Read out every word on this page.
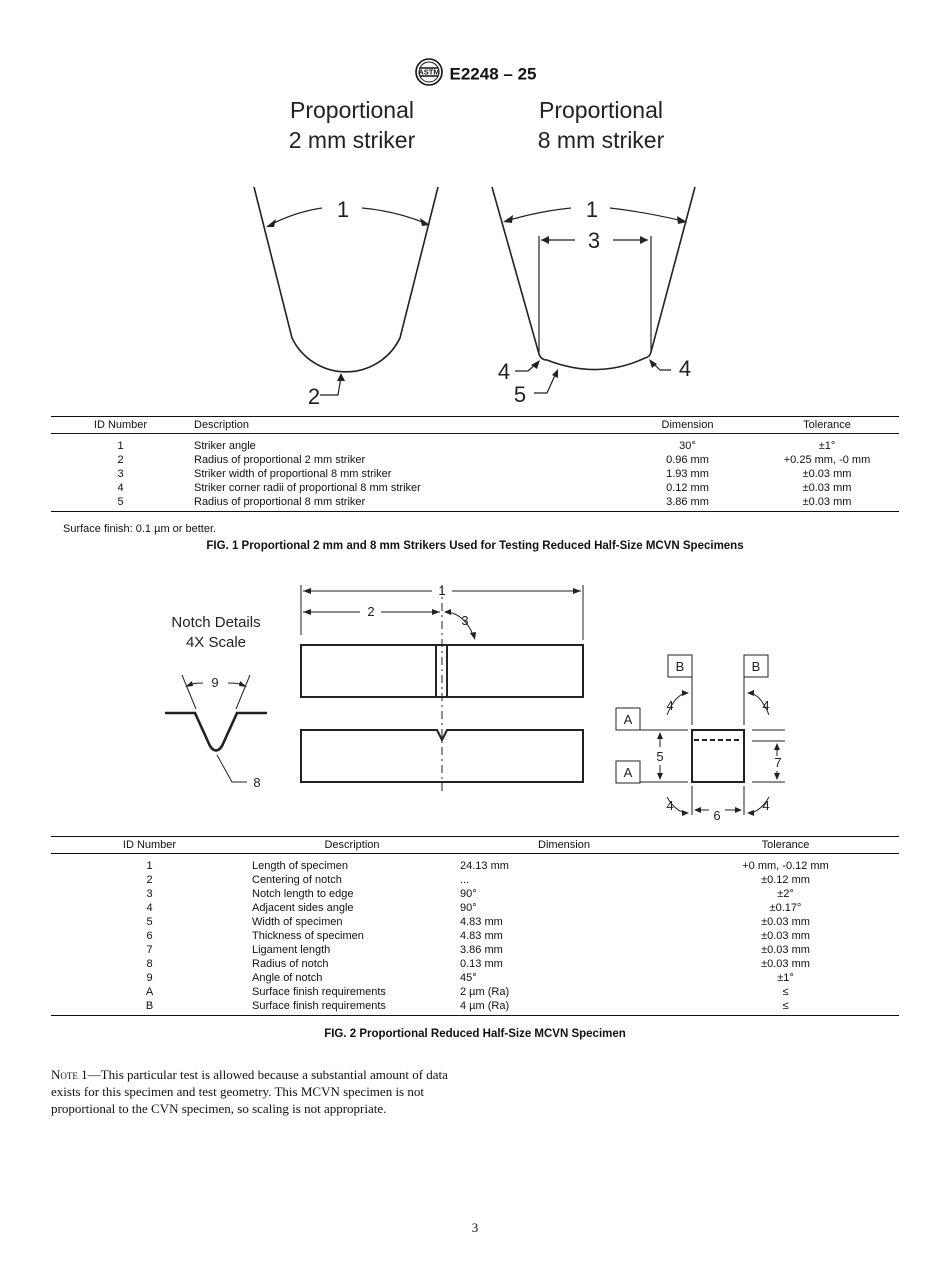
ASTM E2248 – 25
Proportional
2 mm striker
Proportional
8 mm striker
1
2
1
3
4	4
5
ID Number	Description	Dimension	Tolerance
1	Striker angle	30°	±1°
2	Radius of proportional 2 mm striker	0.96 mm	+0.25 mm, -0 mm
3	Striker width of proportional 8 mm striker	1.93 mm	±0.03 mm
4	Striker corner radii of proportional 8 mm striker	0.12 mm	±0.03 mm
5	Radius of proportional 8 mm striker	3.86 mm	±0.03 mm
Surface finish: 0.1 µm or better.
FIG. 1 Proportional 2 mm and 8 mm Strikers Used for Testing Reduced Half-Size MCVN Specimens
Notch Details
4X Scale
9
8
1
2
3
B	B
A
A
4	4
4	4
5	7
6
ID Number	Description	Dimension	Tolerance
1	Length of specimen	24.13 mm	+0 mm, -0.12 mm
2	Centering of notch	...	±0.12 mm
3	Notch length to edge	90°	±2°
4	Adjacent sides angle	90°	±0.17°
5	Width of specimen	4.83 mm	±0.03 mm
6	Thickness of specimen	4.83 mm	±0.03 mm
7	Ligament length	3.86 mm	±0.03 mm
8	Radius of notch	0.13 mm	±0.03 mm
9	Angle of notch	45°	±1°
A	Surface finish requirements	2 µm (Ra)	≤
B	Surface finish requirements	4 µm (Ra)	≤
FIG. 2 Proportional Reduced Half-Size MCVN Specimen
Note 1—This particular test is allowed because a substantial amount of data exists for this specimen and test geometry. This MCVN specimen is not proportional to the CVN specimen, so scaling is not appropriate.
3
